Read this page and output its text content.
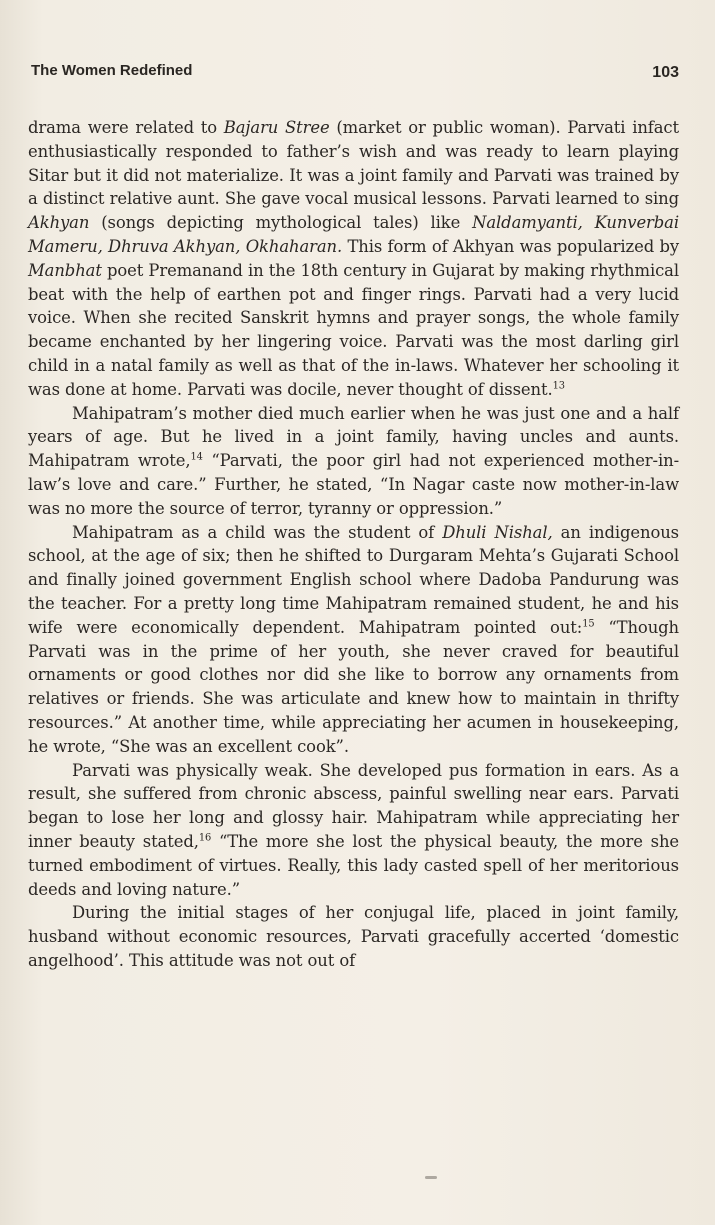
The Women Redefined	103

drama were related to Bajaru Stree (market or public woman). Parvati infact enthusiastically responded to father’s wish and was ready to learn playing Sitar but it did not materialize. It was a joint family and Parvati was trained by a distinct relative aunt. She gave vocal musical lessons. Parvati learned to sing Akhyan (songs depicting mythological tales) like Naldamyanti, Kunverbai Mameru, Dhruva Akhyan, Okhaharan. This form of Akhyan was popularized by Manbhat poet Premanand in the 18th century in Gujarat by making rhythmical beat with the help of earthen pot and finger rings. Parvati had a very lucid voice. When she recited Sanskrit hymns and prayer songs, the whole family became enchanted by her lingering voice. Parvati was the most darling girl child in a natal family as well as that of the in-laws. Whatever her schooling it was done at home. Parvati was docile, never thought of dissent.$^{13}$

Mahipatram’s mother died much earlier when he was just one and a half years of age. But he lived in a joint family, having uncles and aunts. Mahipatram wrote,$^{14}$ “Parvati, the poor girl had not experienced mother-in-law’s love and care.” Further, he stated, “In Nagar caste now mother-in-law was no more the source of terror, tyranny or oppression.”

Mahipatram as a child was the student of Dhuli Nishal, an indigenous school, at the age of six; then he shifted to Durgaram Mehta’s Gujarati School and finally joined government English school where Dadoba Pandurung was the teacher. For a pretty long time Mahipatram remained student, he and his wife were economically dependent. Mahipatram pointed out:$^{15}$ “Though Parvati was in the prime of her youth, she never craved for beautiful ornaments or good clothes nor did she like to borrow any ornaments from relatives or friends. She was articulate and knew how to maintain in thrifty resources.” At another time, while appreciating her acumen in housekeeping, he wrote, “She was an excellent cook”.

Parvati was physically weak. She developed pus formation in ears. As a result, she suffered from chronic abscess, painful swelling near ears. Parvati began to lose her long and glossy hair. Mahipatram while appreciating her inner beauty stated,$^{16}$ “The more she lost the physical beauty, the more she turned embodiment of virtues. Really, this lady casted spell of her meritorious deeds and loving nature.”

During the initial stages of her conjugal life, placed in joint family, husband without economic resources, Parvati gracefully accerted ‘domestic angelhood’. This attitude was not out of
